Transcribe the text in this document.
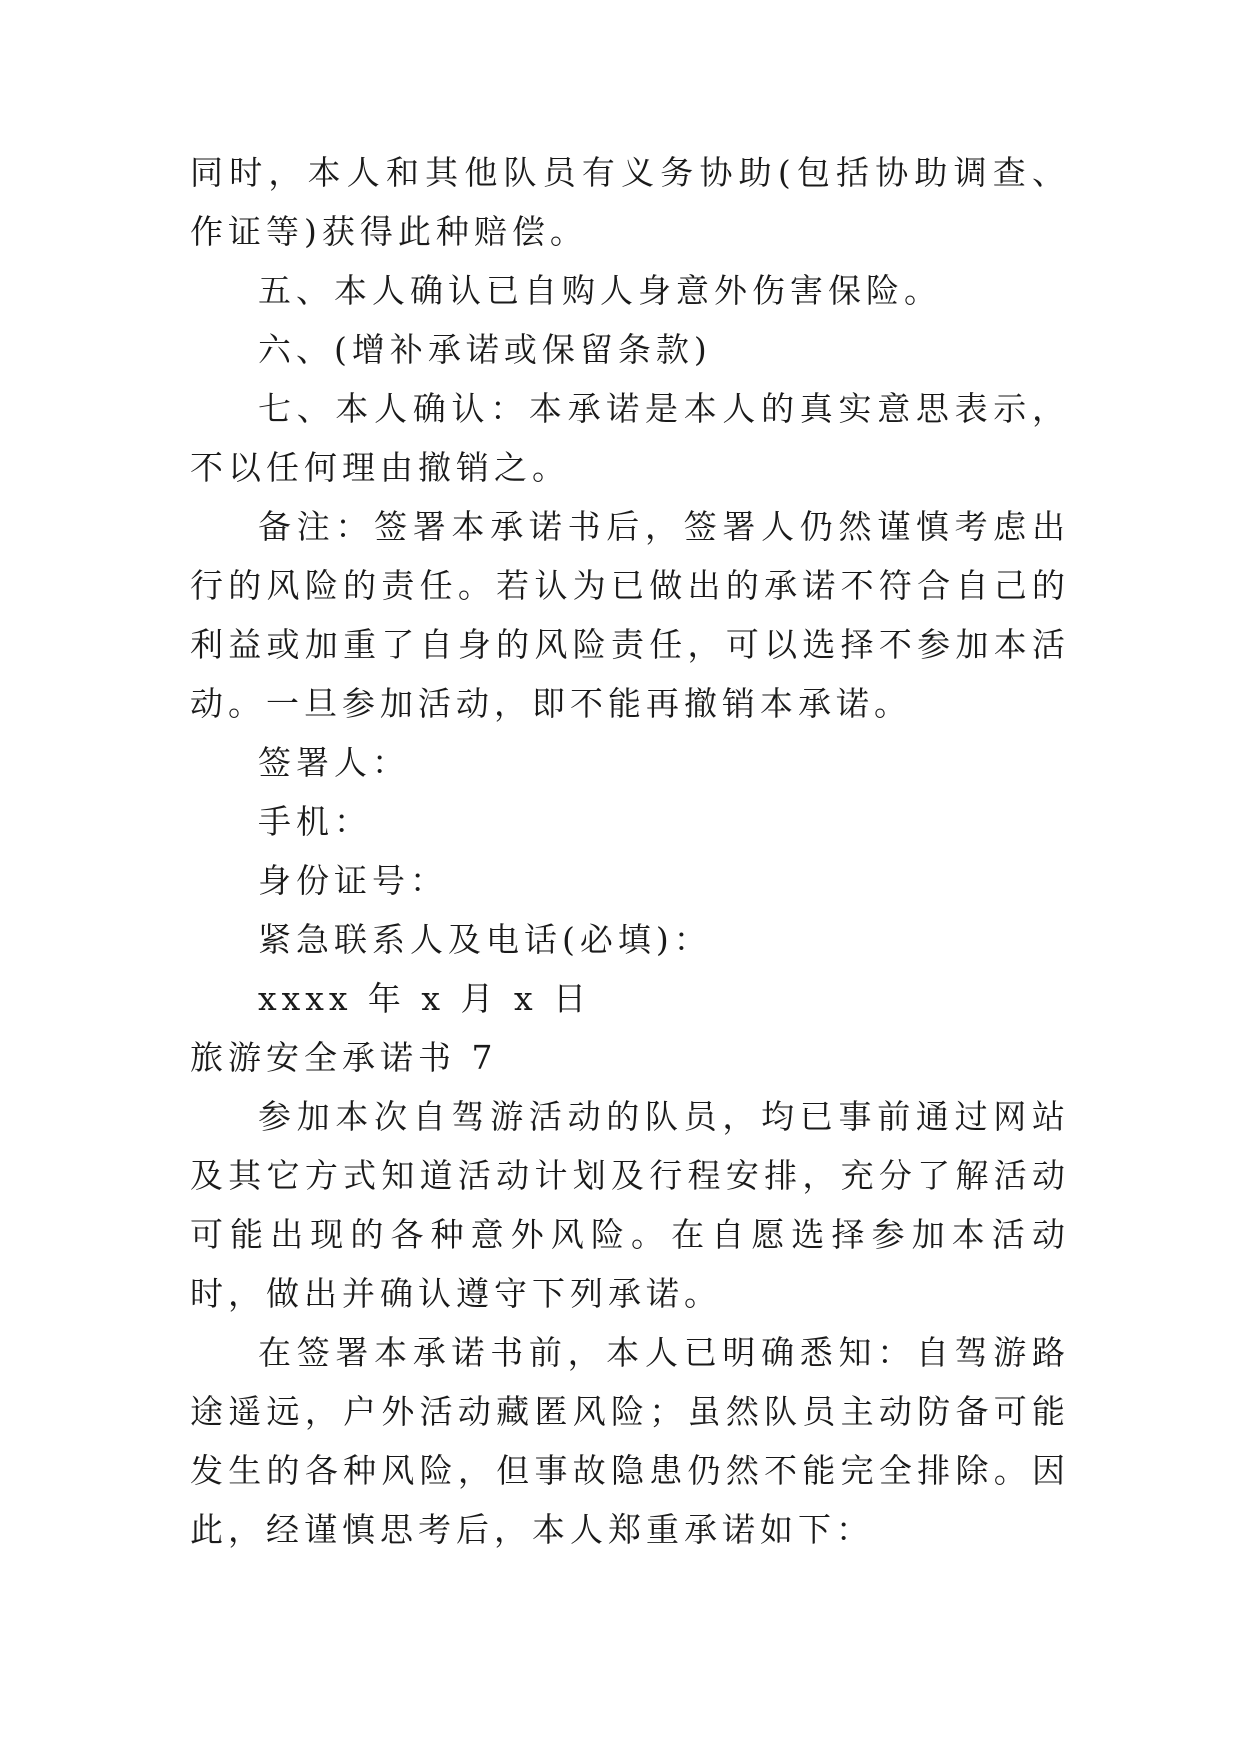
同时，本人和其他队员有义务协助(包括协助调查、作证等)获得此种赔偿。

五、本人确认已自购人身意外伤害保险。

六、(增补承诺或保留条款)

七、本人确认：本承诺是本人的真实意思表示，不以任何理由撤销之。

备注：签署本承诺书后，签署人仍然谨慎考虑出行的风险的责任。若认为已做出的承诺不符合自己的利益或加重了自身的风险责任，可以选择不参加本活动。一旦参加活动，即不能再撤销本承诺。

签署人：

手机：

身份证号：

紧急联系人及电话(必填)：

xxxx 年 x 月 x 日

旅游安全承诺书 7

参加本次自驾游活动的队员，均已事前通过网站及其它方式知道活动计划及行程安排，充分了解活动可能出现的各种意外风险。在自愿选择参加本活动时，做出并确认遵守下列承诺。

在签署本承诺书前，本人已明确悉知：自驾游路途遥远，户外活动藏匿风险；虽然队员主动防备可能发生的各种风险，但事故隐患仍然不能完全排除。因此，经谨慎思考后，本人郑重承诺如下：
